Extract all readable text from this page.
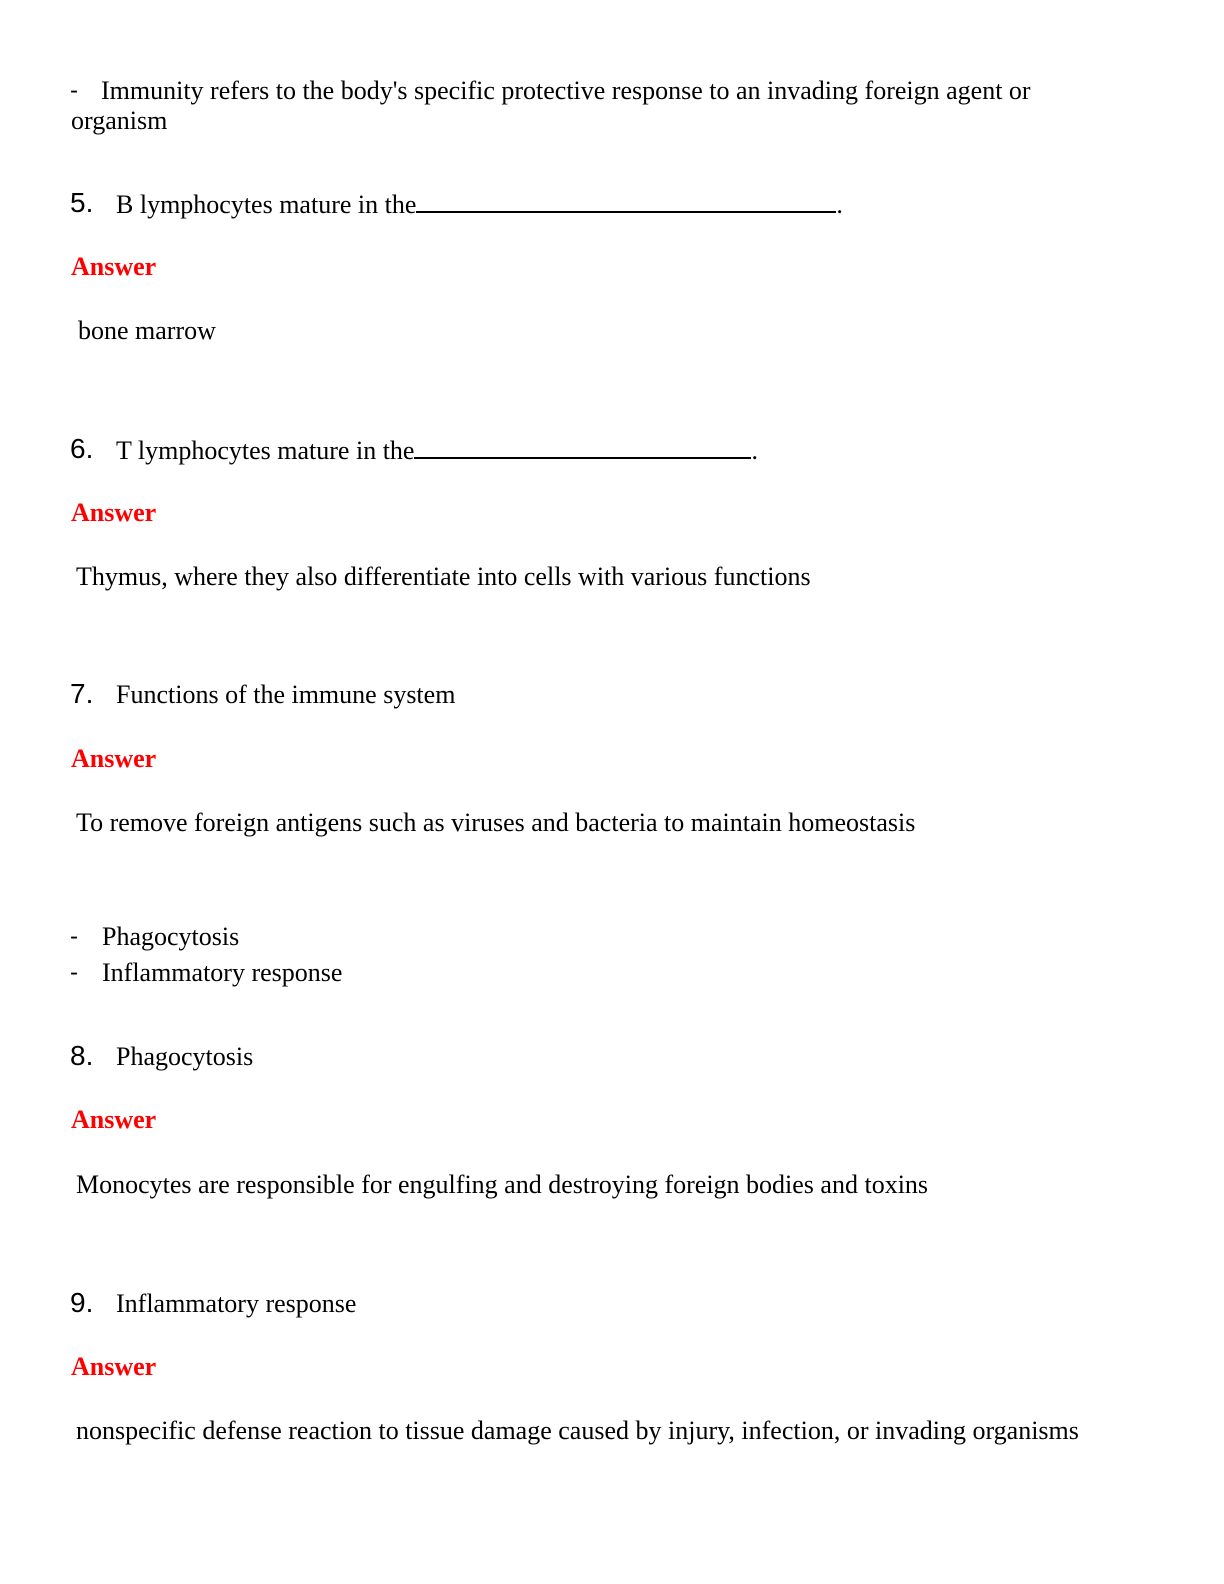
- Immunity refers to the body's specific protective response to an invading foreign agent or
organism
5. B lymphocytes mature in the	.
Answer
bone marrow
6. T lymphocytes mature in the	.
Answer
Thymus, where they also differentiate into cells with various functions
7. Functions of the immune system
Answer
To remove foreign antigens such as viruses and bacteria to maintain homeostasis
- Phagocytosis
- Inflammatory response
8. Phagocytosis
Answer
Monocytes are responsible for engulfing and destroying foreign bodies and toxins
9. Inflammatory response
Answer
nonspecific defense reaction to tissue damage caused by injury, infection, or invading organisms
